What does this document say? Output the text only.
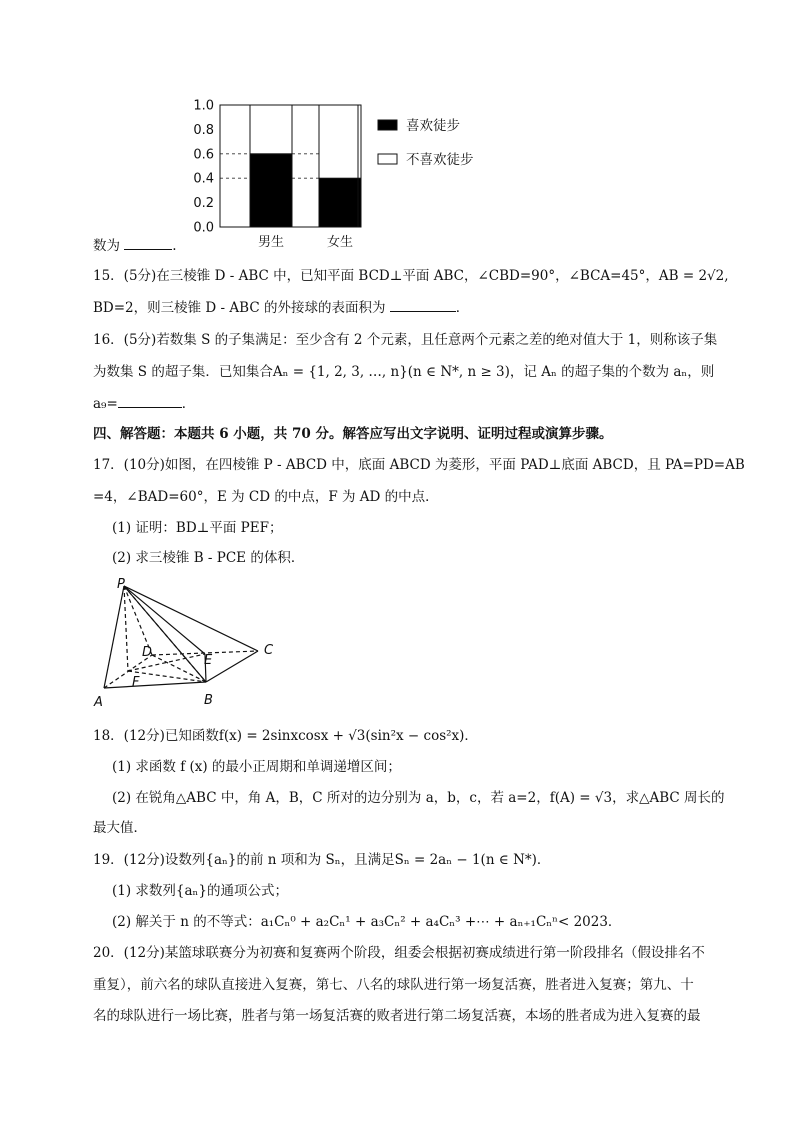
男生	女生
0.0
0.2
0.4
0.6
0.8
1.0
喜欢徒步
不喜欢徒步
数为	.
15．(5分)在三棱锥 D - ABC 中，已知平面 BCD⊥平面 ABC，∠CBD=90°，∠BCA=45°，AB = 2√2,
BD=2，则三棱锥 D - ABC 的外接球的表面积为	．
16．(5分)若数集 S 的子集满足：至少含有 2 个元素，且任意两个元素之差的绝对值大于 1，则称该子集
为数集 S 的超子集．已知集合Aₙ = {1, 2, 3, …, n}(n ∈ N*, n ≥ 3)，记 Aₙ 的超子集的个数为 aₙ，则
a₉=	．
四、解答题：本题共 6 小题，共 70 分。解答应写出文字说明、证明过程或演算步骤。
17．(10分)如图，在四棱锥 P - ABCD 中，底面 ABCD 为菱形，平面 PAD⊥底面 ABCD，且 PA=PD=AB
=4，∠BAD=60°，E 为 CD 的中点，F 为 AD 的中点．
(1) 证明：BD⊥平面 PEF；
(2) 求三棱锥 B - PCE 的体积．
P
D
E
C
F
A	B
18．(12分)已知函数f(x) = 2sinxcosx + √3(sin²x − cos²x)．
(1) 求函数 f (x) 的最小正周期和单调递增区间；
(2) 在锐角△ABC 中，角 A，B，C 所对的边分别为 a，b，c，若 a=2，f(A) = √3，求△ABC 周长的
最大值．
19．(12分)设数列{aₙ}的前 n 项和为 Sₙ，且满足Sₙ = 2aₙ − 1(n ∈ N*)．
(1) 求数列{aₙ}的通项公式；
(2) 解关于 n 的不等式：a₁Cₙ⁰ + a₂Cₙ¹ + a₃Cₙ² + a₄Cₙ³ +⋯ + aₙ₊₁Cₙⁿ< 2023．
20．(12分)某篮球联赛分为初赛和复赛两个阶段，组委会根据初赛成绩进行第一阶段排名（假设排名不
重复），前六名的球队直接进入复赛，第七、八名的球队进行第一场复活赛，胜者进入复赛；第九、十
名的球队进行一场比赛，胜者与第一场复活赛的败者进行第二场复活赛，本场的胜者成为进入复赛的最
